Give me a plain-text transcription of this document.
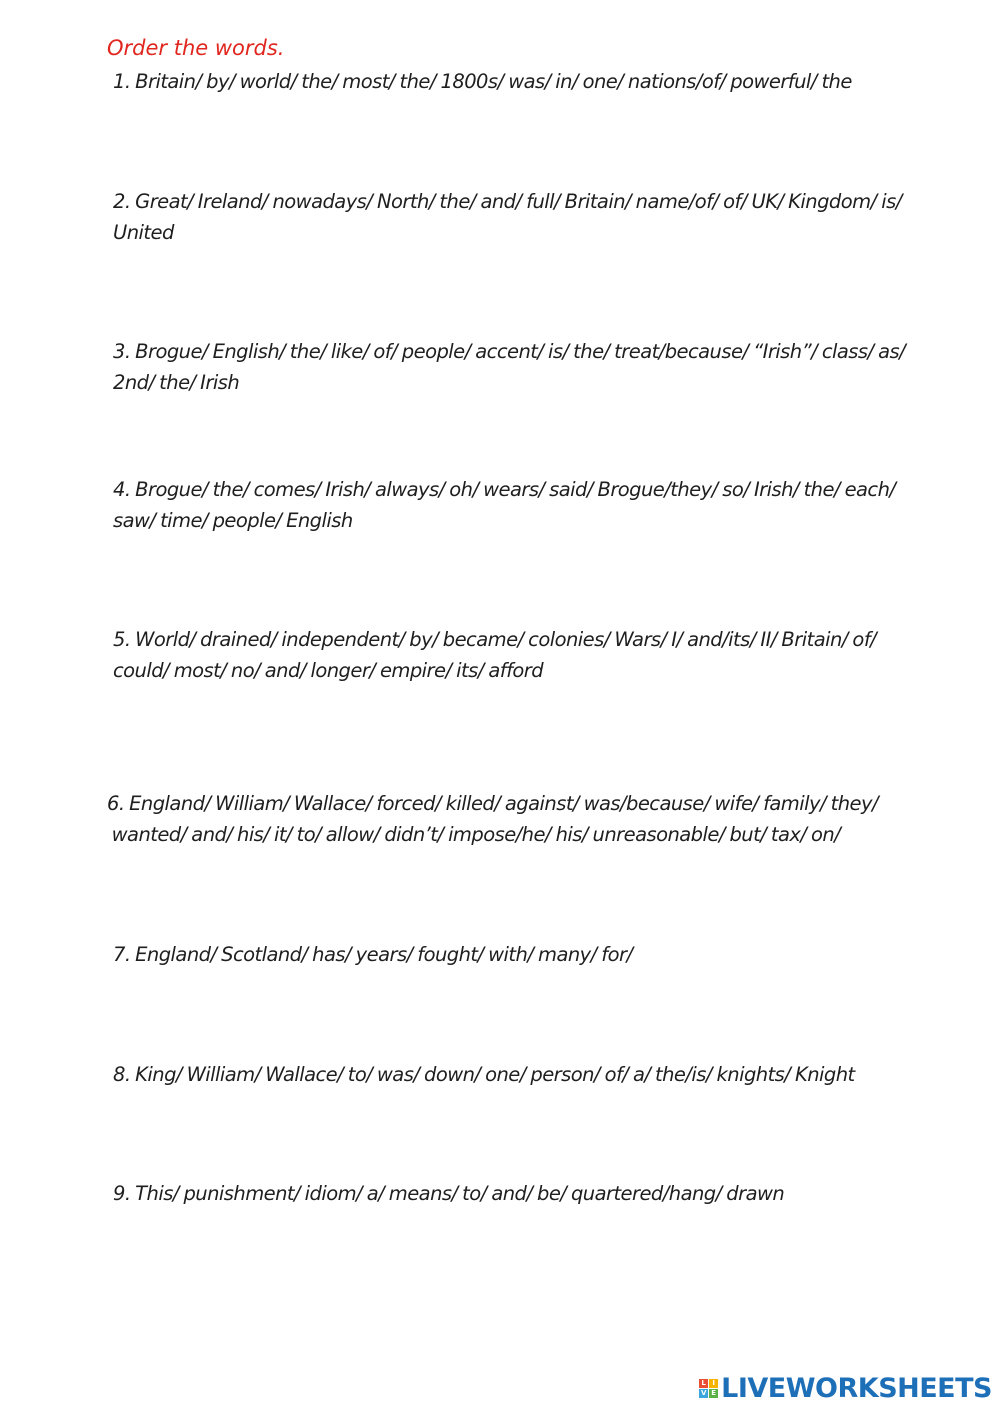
Order the words.
1. Britain/ by/ world/ the/ most/ the/ 1800s/ was/ in/ one/ nations/of/ powerful/ the
2. Great/ Ireland/ nowadays/ North/ the/ and/ full/ Britain/ name/of/ of/ UK/ Kingdom/ is/
United
3. Brogue/ English/ the/ like/ of/ people/ accent/ is/ the/ treat/because/ “Irish”/ class/ as/
2nd/ the/ Irish
4. Brogue/ the/ comes/ Irish/ always/ oh/ wears/ said/ Brogue/they/ so/ Irish/ the/ each/
saw/ time/ people/ English
5. World/ drained/ independent/ by/ became/ colonies/ Wars/ I/ and/its/ II/ Britain/ of/
could/ most/ no/ and/ longer/ empire/ its/ afford
6. England/ William/ Wallace/ forced/ killed/ against/ was/because/ wife/ family/ they/
wanted/ and/ his/ it/ to/ allow/ didn’t/ impose/he/ his/ unreasonable/ but/ tax/ on/
7. England/ Scotland/ has/ years/ fought/ with/ many/ for/
8. King/ William/ Wallace/ to/ was/ down/ one/ person/ of/ a/ the/is/ knights/ Knight
9. This/ punishment/ idiom/ a/ means/ to/ and/ be/ quartered/hang/ drawn
L I
V E LIVEWORKSHEETS
